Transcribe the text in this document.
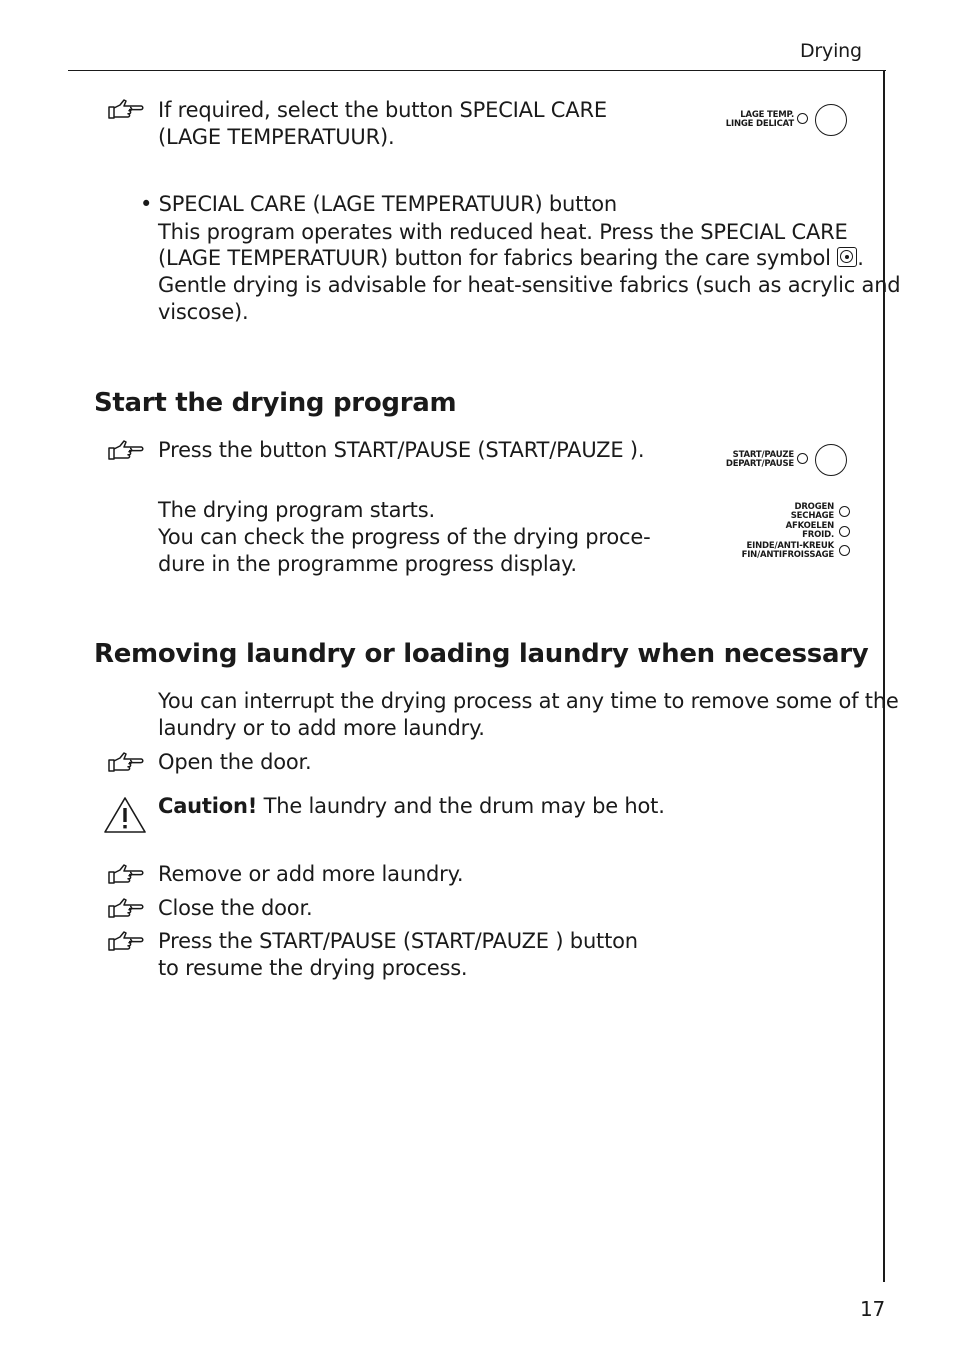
Drying
If required, select the button SPECIAL CARE
(LAGE TEMPERATUUR).
LAGE TEMP.
LINGE DELICAT
• SPECIAL CARE (LAGE TEMPERATUUR) button
This program operates with reduced heat. Press the SPECIAL CARE
(LAGE TEMPERATUUR) button for fabrics bearing the care symbol .
Gentle drying is advisable for heat-sensitive fabrics (such as acrylic and
viscose).
Start the drying program
Press the button START/PAUSE (START/PAUZE ).	START/PAUZE
DEPART/PAUSE
The drying program starts.
You can check the progress of the drying proce-
dure in the programme progress display.
DROGEN
SECHAGE
AFKOELEN
FROID.
EINDE/ANTI-KREUK
FIN/ANTIFROISSAGE
Removing laundry or loading laundry when necessary
You can interrupt the drying process at any time to remove some of the
laundry or to add more laundry.
Open the door.
Caution! The laundry and the drum may be hot.
Remove or add more laundry.
Close the door.
Press the START/PAUSE (START/PAUZE ) button
to resume the drying process.
17
